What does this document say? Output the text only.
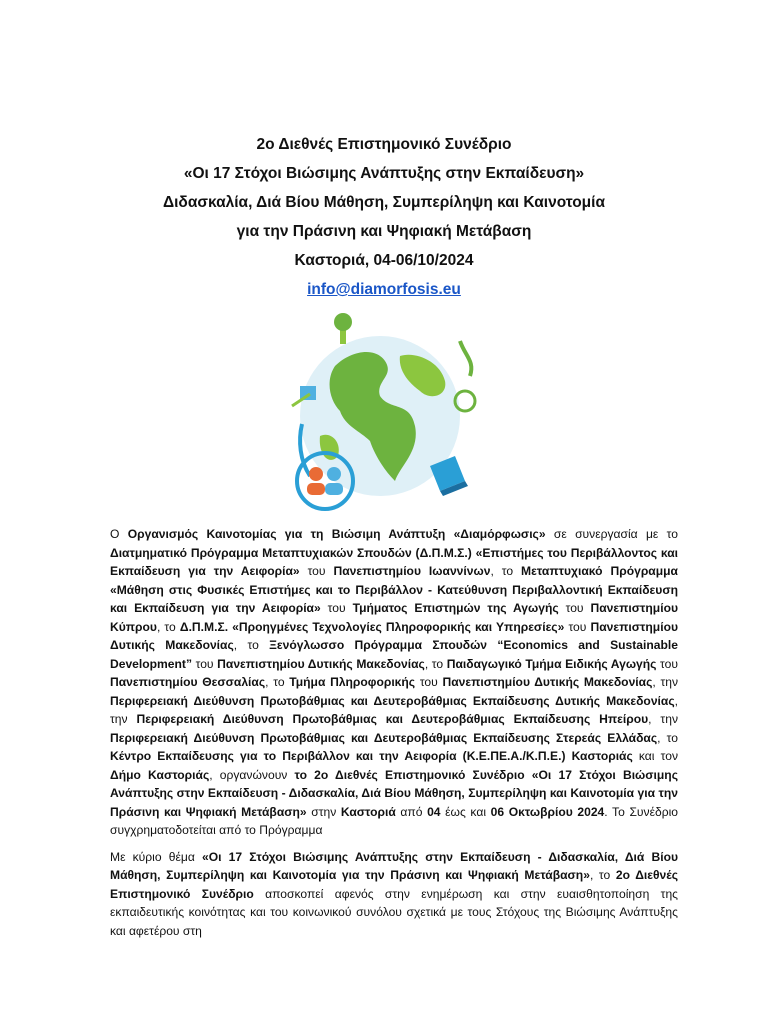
2ο Διεθνές Επιστημονικό Συνέδριο
«Οι 17 Στόχοι Βιώσιμης Ανάπτυξης στην Εκπαίδευση»
Διδασκαλία, Διά Βίου Μάθηση, Συμπερίληψη και Καινοτομία
για την Πράσινη και Ψηφιακή Μετάβαση
Καστοριά, 04-06/10/2024
info@diamorfosis.eu

Ο Οργανισμός Καινοτομίας για τη Βιώσιμη Ανάπτυξη «Διαμόρφωσις» σε συνεργασία με το Διατμηματικό Πρόγραμμα Μεταπτυχιακών Σπουδών (Δ.Π.Μ.Σ.) «Επιστήμες του Περιβάλλοντος και Εκπαίδευση για την Αειφορία» του Πανεπιστημίου Ιωαννίνων, το Μεταπτυχιακό Πρόγραμμα «Μάθηση στις Φυσικές Επιστήμες και το Περιβάλλον - Κατεύθυνση Περιβαλλοντική Εκπαίδευση και Εκπαίδευση για την Αειφορία» του Τμήματος Επιστημών της Αγωγής του Πανεπιστημίου Κύπρου, το Δ.Π.Μ.Σ. «Προηγμένες Τεχνολογίες Πληροφορικής και Υπηρεσίες» του Πανεπιστημίου Δυτικής Μακεδονίας, το Ξενόγλωσσο Πρόγραμμα Σπουδών “Economics and Sustainable Development” του Πανεπιστημίου Δυτικής Μακεδονίας, το Παιδαγωγικό Τμήμα Ειδικής Αγωγής του Πανεπιστημίου Θεσσαλίας, το Τμήμα Πληροφορικής του Πανεπιστημίου Δυτικής Μακεδονίας, την Περιφερειακή Διεύθυνση Πρωτοβάθμιας και Δευτεροβάθμιας Εκπαίδευσης Δυτικής Μακεδονίας, την Περιφερειακή Διεύθυνση Πρωτοβάθμιας και Δευτεροβάθμιας Εκπαίδευσης Ηπείρου, την Περιφερειακή Διεύθυνση Πρωτοβάθμιας και Δευτεροβάθμιας Εκπαίδευσης Στερεάς Ελλάδας, το Κέντρο Εκπαίδευσης για το Περιβάλλον και την Αειφορία (Κ.Ε.ΠΕ.Α./Κ.Π.Ε.) Καστοριάς και τον Δήμο Καστοριάς, οργανώνουν το 2ο Διεθνές Επιστημονικό Συνέδριο «Οι 17 Στόχοι Βιώσιμης Ανάπτυξης στην Εκπαίδευση - Διδασκαλία, Διά Βίου Μάθηση, Συμπερίληψη και Καινοτομία για την Πράσινη και Ψηφιακή Μετάβαση» στην Καστοριά από 04 έως και 06 Οκτωβρίου 2024. Το Συνέδριο συγχρηματοδοτείται από το Πρόγραμμα

Με κύριο θέμα «Οι 17 Στόχοι Βιώσιμης Ανάπτυξης στην Εκπαίδευση - Διδασκαλία, Διά Βίου Μάθηση, Συμπερίληψη και Καινοτομία για την Πράσινη και Ψηφιακή Μετάβαση», το 2ο Διεθνές Επιστημονικό Συνέδριο αποσκοπεί αφενός στην ενημέρωση και στην ευαισθητοποίηση της εκπαιδευτικής κοινότητας και του κοινωνικού συνόλου σχετικά με τους Στόχους της Βιώσιμης Ανάπτυξης και αφετέρου στη
